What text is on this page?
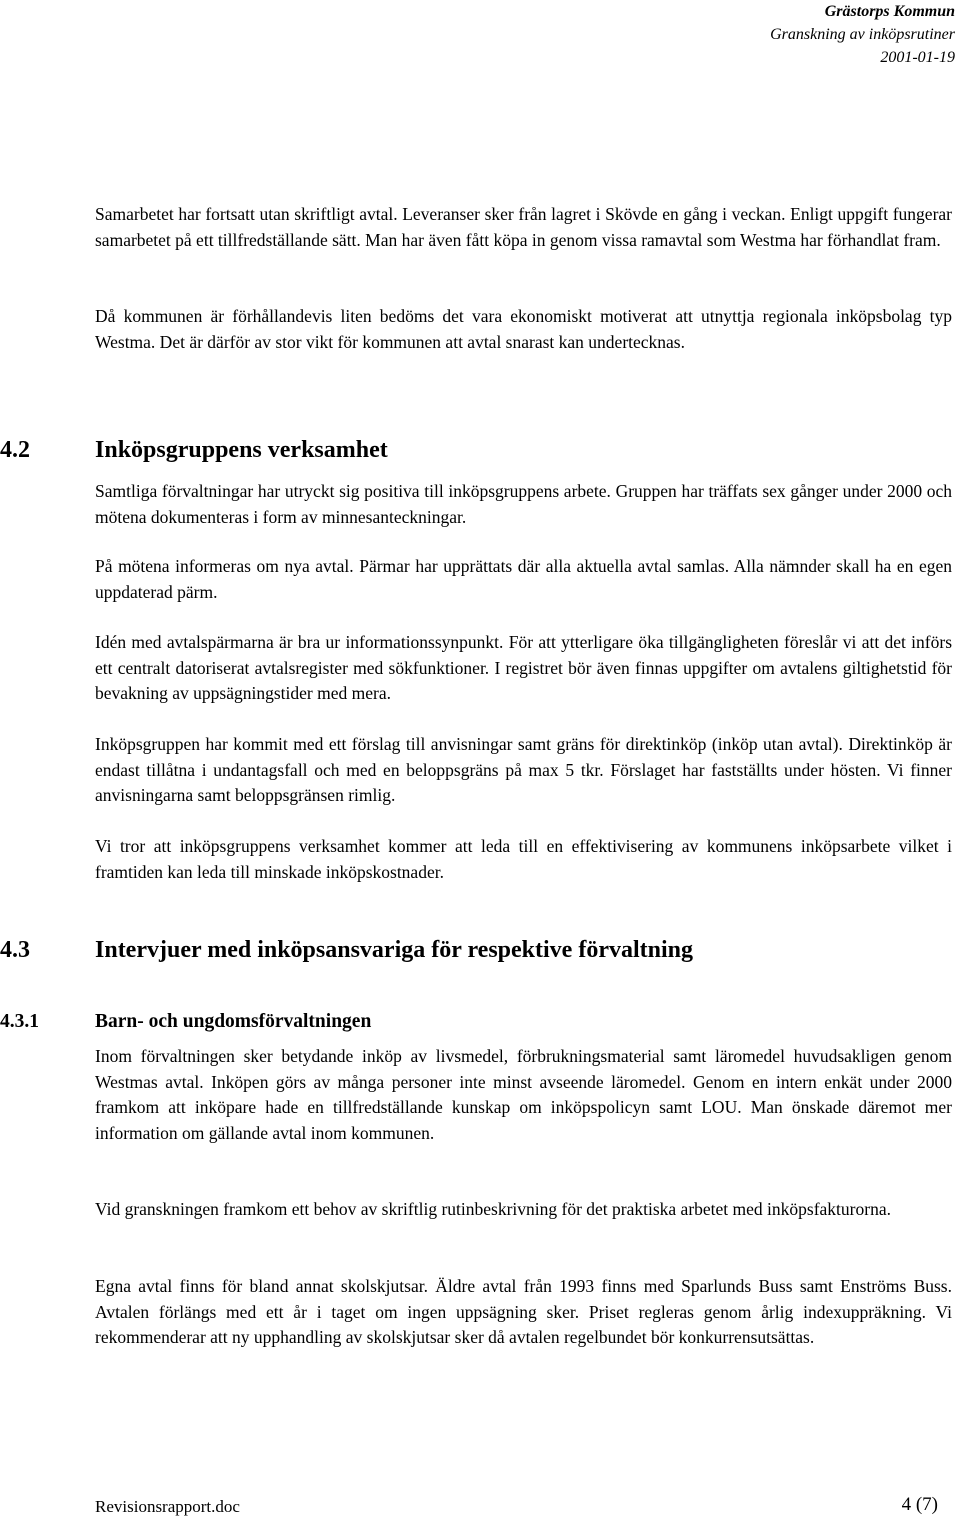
Grästorps Kommun
Granskning av inköpsrutiner
2001-01-19

Samarbetet har fortsatt utan skriftligt avtal. Leveranser sker från lagret i Skövde en gång i veckan. Enligt uppgift fungerar samarbetet på ett tillfredställande sätt. Man har även fått köpa in genom vissa ramavtal som Westma har förhandlat fram.

Då kommunen är förhållandevis liten bedöms det vara ekonomiskt motiverat att utnyttja regionala inköpsbolag typ Westma. Det är därför av stor vikt för kommunen att avtal snarast kan undertecknas.

4.2	Inköpsgruppens verksamhet

Samtliga förvaltningar har utryckt sig positiva till inköpsgruppens arbete. Gruppen har träffats sex gånger under 2000 och mötena dokumenteras i form av minnesanteckningar.

På mötena informeras om nya avtal. Pärmar har upprättats där alla aktuella avtal samlas. Alla nämnder skall ha en egen uppdaterad pärm.

Idén med avtalspärmarna är bra ur informationssynpunkt. För att ytterligare öka tillgängligheten föreslår vi att det införs ett centralt datoriserat avtalsregister med sökfunktioner. I registret bör även finnas uppgifter om avtalens giltighetstid för bevakning av uppsägningstider med mera.

Inköpsgruppen har kommit med ett förslag till anvisningar samt gräns för direktinköp (inköp utan avtal). Direktinköp är endast tillåtna i undantagsfall och med en beloppsgräns på max 5 tkr. Förslaget har fastställts under hösten. Vi finner anvisningarna samt beloppsgränsen rimlig.

Vi tror att inköpsgruppens verksamhet kommer att leda till en effektivisering av kommunens inköpsarbete vilket i framtiden kan leda till minskade inköpskostnader.

4.3	Intervjuer med inköpsansvariga för respektive förvaltning
4.3.1	Barn- och ungdomsförvaltningen

Inom förvaltningen sker betydande inköp av livsmedel, förbrukningsmaterial samt läromedel huvudsakligen genom Westmas avtal. Inköpen görs av många personer inte minst avseende läromedel. Genom en intern enkät under 2000 framkom att inköpare hade en tillfredställande kunskap om inköpspolicyn samt LOU. Man önskade däremot mer information om gällande avtal inom kommunen.

Vid granskningen framkom ett behov av skriftlig rutinbeskrivning för det praktiska arbetet med inköpsfakturorna.

Egna avtal finns för bland annat skolskjutsar. Äldre avtal från 1993 finns med Sparlunds Buss samt Enströms Buss. Avtalen förlängs med ett år i taget om ingen uppsägning sker. Priset regleras genom årlig indexuppräkning. Vi rekommenderar att ny upphandling av skolskjutsar sker då avtalen regelbundet bör konkurrensutsättas.

Revisionsrapport.doc	4 (7)
